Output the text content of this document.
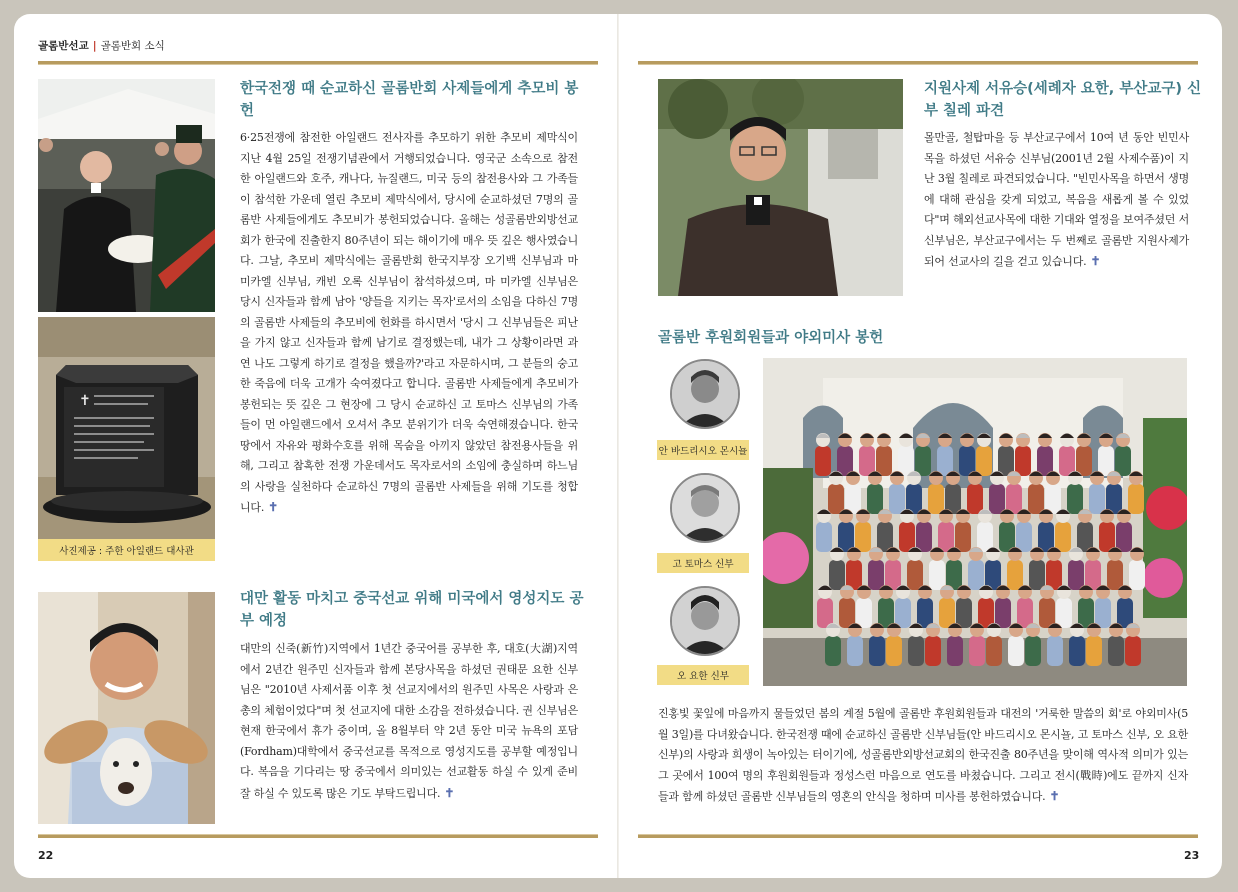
골롬반선교 | 골롬반회 소식
✝
사진제공 : 주한 아일랜드 대사관
한국전쟁 때 순교하신 골롬반회 사제들에게 추모비 봉헌

6·25전쟁에 참전한 아일랜드 전사자를 추모하기 위한 추모비 제막식이 지난 4월 25일 전쟁기념관에서 거행되었습니다. 영국군 소속으로 참전한 아일랜드와 호주, 캐나다, 뉴질랜드, 미국 등의 참전용사와 그 가족들이 참석한 가운데 열린 추모비 제막식에서, 당시에 순교하셨던 7명의 골롬반 사제들에게도 추모비가 봉헌되었습니다. 올해는 성골롬반외방선교회가 한국에 진출한지 80주년이 되는 해이기에 매우 뜻 깊은 행사였습니다. 그날, 추모비 제막식에는 골롬반회 한국지부장 오기백 신부님과 마 미카엘 신부님, 캐빈 오록 신부님이 참석하셨으며, 마 미카엘 신부님은 당시 신자들과 함께 남아 '양들을 지키는 목자'로서의 소임을 다하신 7명의 골롬반 사제들의 추모비에 헌화를 하시면서 '당시 그 신부님들은 피난을 가지 않고 신자들과 함께 남기로 결정했는데, 내가 그 상황이라면 과연 나도 그렇게 하기로 결정을 했을까?'라고 자문하시며, 그 분들의 숭고한 죽음에 더욱 고개가 숙여졌다고 합니다. 골롬반 사제들에게 추모비가 봉헌되는 뜻 깊은 그 현장에 그 당시 순교하신 고 토마스 신부님의 가족들이 먼 아일랜드에서 오셔서 추모 분위기가 더욱 숙연해졌습니다. 한국 땅에서 자유와 평화수호를 위해 목숨을 아끼지 않았던 참전용사들을 위해, 그리고 참혹한 전쟁 가운데서도 목자로서의 소임에 충실하며 하느님의 사랑을 실천하다 순교하신 7명의 골롬반 사제들을 위해 기도를 청합니다. ✝

대만 활동 마치고 중국선교 위해 미국에서 영성지도 공부 예정

대만의 신죽(新竹)지역에서 1년간 중국어를 공부한 후, 대호(大湖)지역에서 2년간 원주민 신자들과 함께 본당사목을 하셨던 권태문 요한 신부님은 "2010년 사제서품 이후 첫 선교지에서의 원주민 사목은 사랑과 은총의 체험이었다"며 첫 선교지에 대한 소감을 전하셨습니다. 권 신부님은 현재 한국에서 휴가 중이며, 올 8월부터 약 2년 동안 미국 뉴욕의 포담(Fordham)대학에서 중국선교를 목적으로 영성지도를 공부할 예정입니다. 복음을 기다리는 땅 중국에서 의미있는 선교활동 하실 수 있게 준비 잘 하실 수 있도록 많은 기도 부탁드립니다. ✝

지원사제 서유승(세례자 요한, 부산교구) 신부 칠레 파견

몰만골, 철탑마을 등 부산교구에서 10여 년 동안 빈민사목을 하셨던 서유승 신부님(2001년 2월 사제수품)이 지난 3월 칠레로 파견되었습니다. "빈민사목을 하면서 생명에 대해 관심을 갖게 되었고, 복음을 새롭게 볼 수 있었다"며 해외선교사목에 대한 기대와 열정을 보여주셨던 서 신부님은, 부산교구에서는 두 번째로 골롬반 지원사제가 되어 선교사의 길을 걷고 있습니다. ✝

골롬반 후원회원들과 야외미사 봉헌
안 바드리시오 몬시뇰
고 토마스 신부
오 요한 신부

진홍빛 꽃잎에 마음까지 물들었던 봄의 계절 5월에 골롬반 후원회원들과 대전의 '거룩한 말씀의 회'로 야외미사(5월 3일)를 다녀왔습니다. 한국전쟁 때에 순교하신 골롬반 신부님들(안 바드리시오 몬시뇰, 고 토마스 신부, 오 요한 신부)의 사랑과 희생이 녹아있는 터이기에, 성골롬반외방선교회의 한국진출 80주년을 맞이해 역사적 의미가 있는 그 곳에서 100여 명의 후원회원들과 정성스런 마음으로 연도를 바쳤습니다. 그리고 전시(戰時)에도 끝까지 신자들과 함께 하셨던 골롬반 신부님들의 영혼의 안식을 청하며 미사를 봉헌하였습니다. ✝

22	23
